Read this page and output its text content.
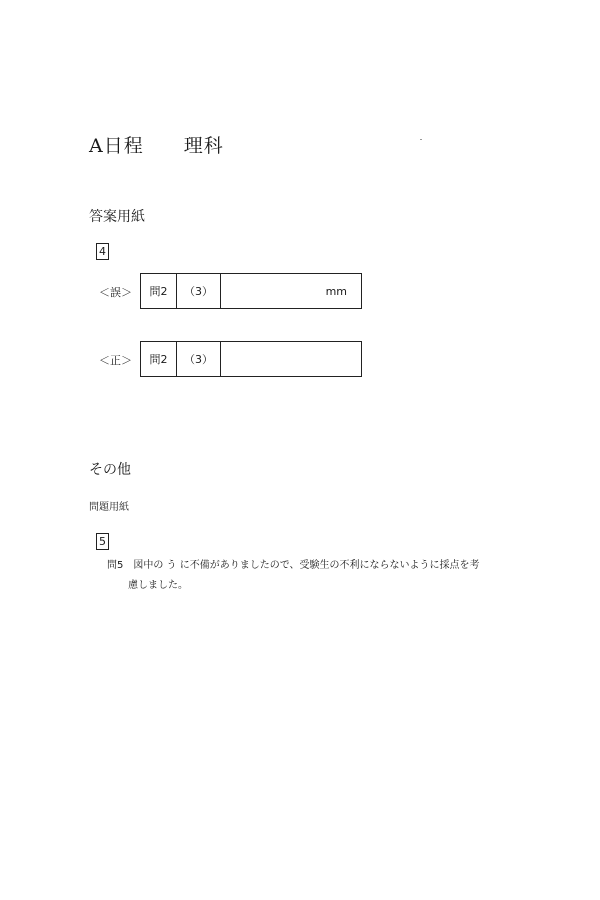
A日程　　理科
答案用紙
4
＜誤＞ 問2	（3）	mm
＜正＞ 問2	（3）	
その他
問題用紙
5
問5　図中の う に不備がありましたので、受験生の不利にならないように採点を考
慮しました。
